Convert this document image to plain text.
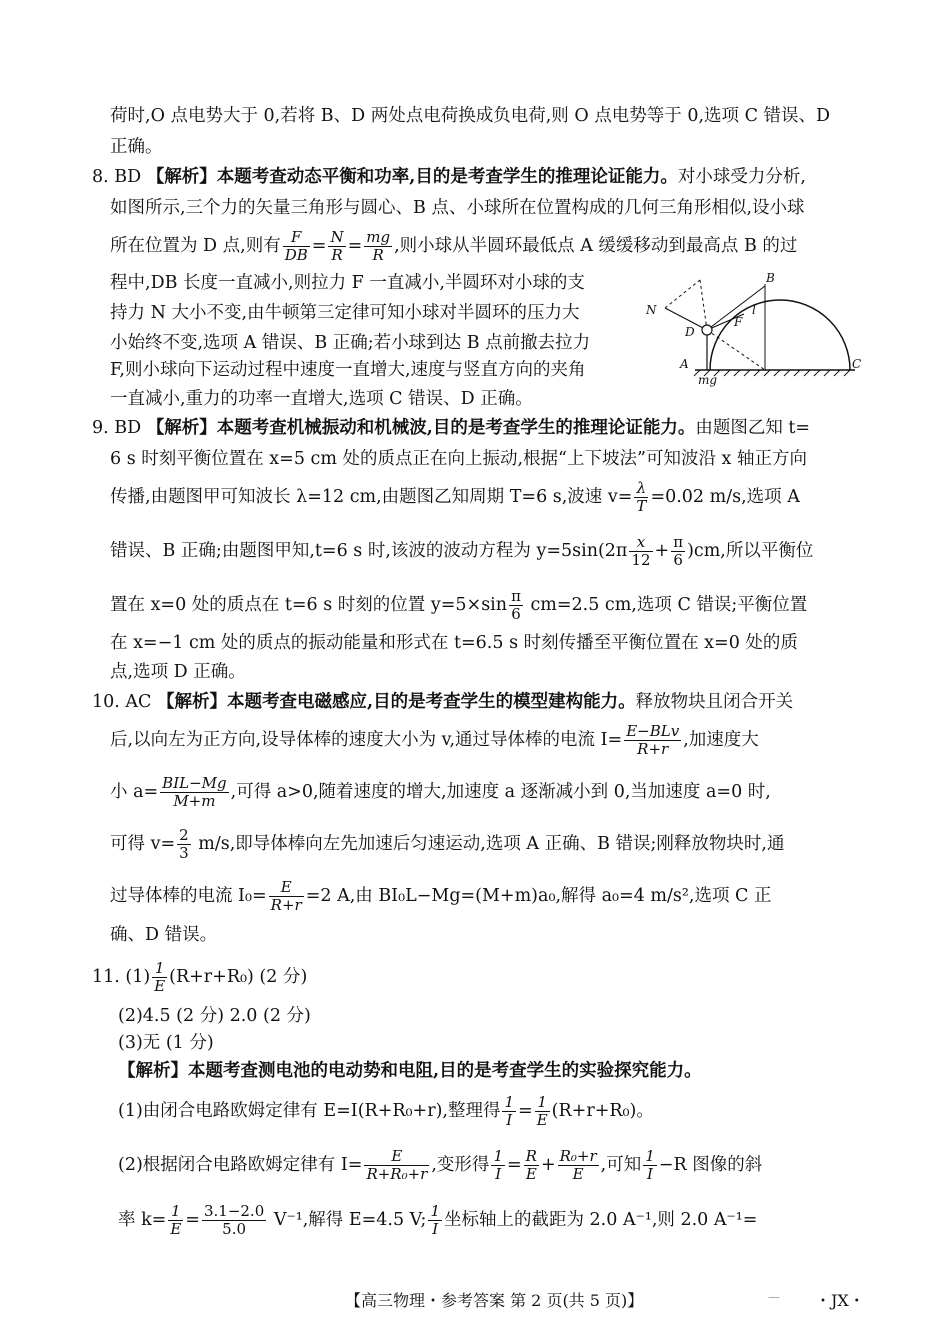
荷时,O 点电势大于 0,若将 B、D 两处点电荷换成负电荷,则 O 点电势等于 0,选项 C 错误、D
正确。
8. BD 【解析】本题考查动态平衡和功率,目的是考查学生的推理论证能力。对小球受力分析,
如图所示,三个力的矢量三角形与圆心、B 点、小球所在位置构成的几何三角形相似,设小球
所在位置为 D 点,则有 $\frac{F}{DB} = \frac{N}{R} = \frac{mg}{R}$ ,则小球从半圆环最低点 A 缓缓移动到最高点 B 的过
程中,DB 长度一直减小,则拉力 F 一直减小,半圆环对小球的支
持力 N 大小不变,由牛顿第三定律可知小球对半圆环的压力大
小始终不变,选项 A 错误、B 正确;若小球到达 B 点前撤去拉力
F,则小球向下运动过程中速度一直增大,速度与竖直方向的夹角
一直减小,重力的功率一直增大,选项 C 错误、D 正确。
B
N
F
l
D
A	C
mg
9. BD 【解析】本题考查机械振动和机械波,目的是考查学生的推理论证能力。由题图乙知 t=
6 s 时刻平衡位置在 x=5 cm 处的质点正在向上振动,根据“上下坡法”可知波沿 x 轴正方向
传播,由题图甲可知波长 λ=12 cm,由题图乙知周期 T=6 s,波速 $v= \frac{\lambda}{T} =0.02$ m/s,选项 A
错误、B 正确;由题图甲知,t=6 s 时,该波的波动方程为 $y=5\sin(2\pi \frac{x}{12} + \frac{\pi}{6} )cm$,所以平衡位
置在 x=0 处的质点在 t=6 s 时刻的位置 $y=5\times\sin \frac{\pi}{6} cm=2.5$ cm,选项 C 错误;平衡位置
在 x=−1 cm 处的质点的振动能量和形式在 t=6.5 s 时刻传播至平衡位置在 x=0 处的质
点,选项 D 正确。
10. AC 【解析】本题考查电磁感应,目的是考查学生的模型建构能力。释放物块且闭合开关
后,以向左为正方向,设导体棒的速度大小为 v,通过导体棒的电流 $I= \frac{\text{E−BLv}}{R+r}$ ,加速度大
小 $a= \frac{\text{BIL−Mg}}{M+m}$ ,可得 a>0,随着速度的增大,加速度 a 逐渐减小到 0,当加速度 a=0 时,
可得 $v= \frac{2}{3} m/s$,即导体棒向左先加速后匀速运动,选项 A 正确、B 错误;刚释放物块时,通
过导体棒的电流 $I_0= \frac{E}{R+r} =2$ A,由 BI₀L−Mg=(M+m)a₀,解得 a₀=4 m/s²,选项 C 正
确、D 错误。
11. $(1) \frac{1}{E} (R+r+R_0)$ (2 分)
(2)4.5 (2 分) 2.0 (2 分)
(3)无 (1 分)
【解析】本题考查测电池的电动势和电阻,目的是考查学生的实验探究能力。
(1)由闭合电路欧姆定律有 E=I(R+R₀+r),整理得 $\frac{1}{I} = \frac{1}{E} (R+r+R_0)$。
(2)根据闭合电路欧姆定律有 $I= \frac{E}{\text{R+R₀+r}}$ ,变形得 $\frac{1}{I} = \frac{R}{E} + \frac{\text{R₀+r}}{E}$ ,可知 $\frac{1}{I} -R$ 图像的斜
率 $k= \frac{1}{E} = \frac{3.1-2.0}{5.0} V^{-1}$,解得 E=4.5 V; $\frac{1}{I}$ 坐标轴上的截距为 2.0 A⁻¹,则 2.0 A⁻¹=
【高三物理・参考答案 第 2 页(共 5 页)】	— ・JX・
